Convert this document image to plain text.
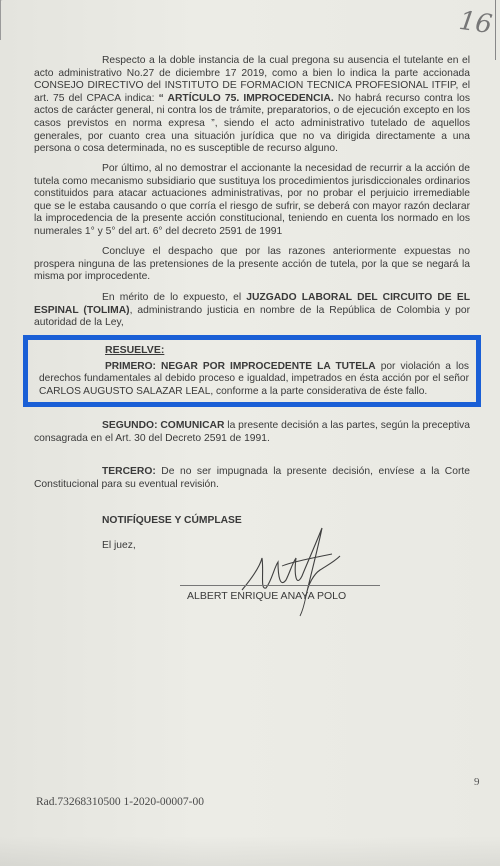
16

Respecto a la doble instancia de la cual pregona su ausencia el tutelante en el acto administrativo No.27 de diciembre 17 2019, como a bien lo indica la parte accionada CONSEJO DIRECTIVO del INSTITUTO DE FORMACION TECNICA PROFESIONAL ITFIP, el art. 75 del CPACA indica: “ ARTÍCULO 75. IMPROCEDENCIA. No habrá recurso contra los actos de carácter general, ni contra los de trámite, preparatorios, o de ejecución excepto en los casos previstos en norma expresa ”, siendo el acto administrativo tutelado de aquellos generales, por cuanto crea una situación jurídica que no va dirigida directamente a una persona o cosa determinada, no es susceptible de recurso alguno.

Por último, al no demostrar el accionante la necesidad de recurrir a la acción de tutela como mecanismo subsidiario que sustituya los procedimientos jurisdiccionales ordinarios constituidos para atacar actuaciones administrativas, por no probar el perjuicio irremediable que se le estaba causando o que corría el riesgo de sufrir, se deberá con mayor razón declarar la improcedencia de la presente acción constitucional, teniendo en cuenta los normado en los numerales 1° y 5° del art. 6° del decreto 2591 de 1991

Concluye el despacho que por las razones anteriormente expuestas no prospera ninguna de las pretensiones de la presente acción de tutela, por la que se negará la misma por improcedente.

En mérito de lo expuesto, el JUZGADO LABORAL DEL CIRCUITO DE EL ESPINAL (TOLIMA), administrando justicia en nombre de la República de Colombia y por autoridad de la Ley,

RESUELVE:
PRIMERO: NEGAR POR IMPROCEDENTE LA TUTELA por violación a los derechos fundamentales al debido proceso e igualdad, impetrados en ésta acción por el señor CARLOS AUGUSTO SALAZAR LEAL, conforme a la parte considerativa de éste fallo.

SEGUNDO: COMUNICAR la presente decisión a las partes, según la preceptiva consagrada en el Art. 30 del Decreto 2591 de 1991.

TERCERO: De no ser impugnada la presente decisión, envíese a la Corte Constitucional para su eventual revisión.

NOTIFÍQUESE Y CÚMPLASE

El juez,

ALBERT ENRIQUE ANAYA POLO
9
Rad.73268310500 1-2020-00007-00
